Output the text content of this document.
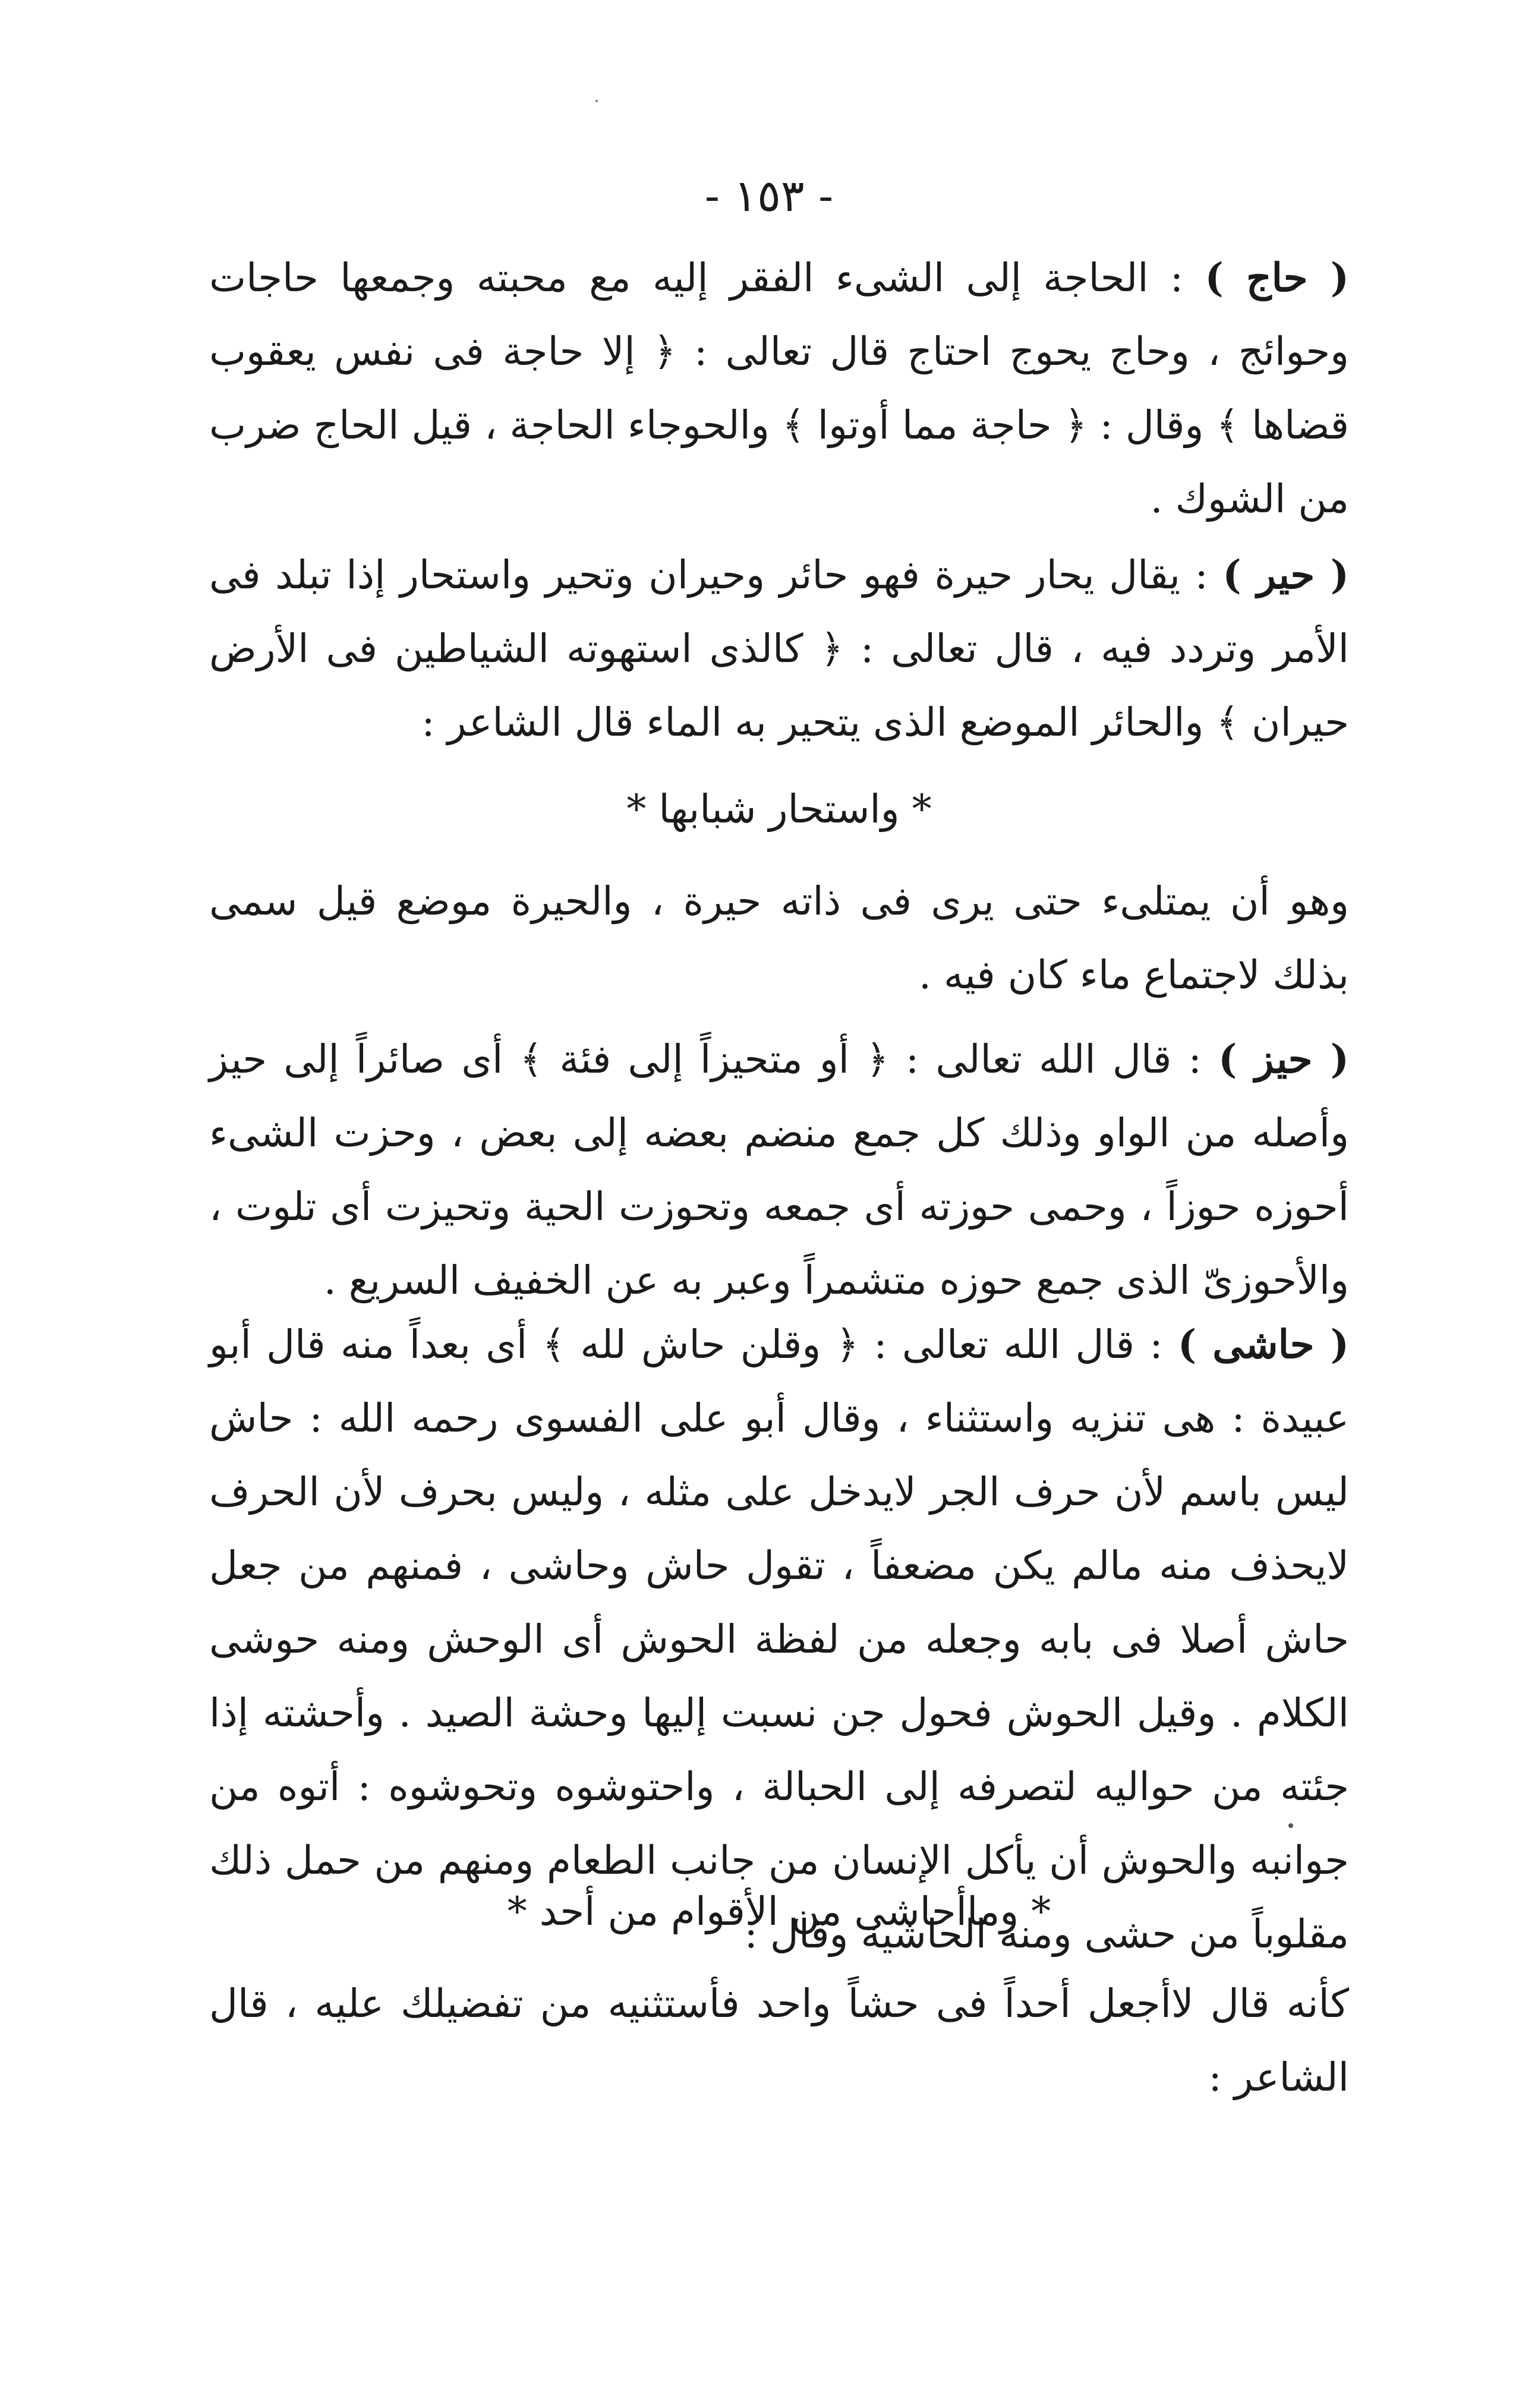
- ١٥٣ -

( حاج ) : الحاجة إلى الشىء الفقر إليه مع محبته وجمعها حاجات وحوائج ، وحاج يحوج احتاج قال تعالى : ﴿ إلا حاجة فى نفس يعقوب قضاها ﴾ وقال : ﴿ حاجة مما أوتوا ﴾ والحوجاء الحاجة ، قيل الحاج ضرب من الشوك .

( حير ) : يقال يحار حيرة فهو حائر وحيران وتحير واستحار إذا تبلد فى الأمر وتردد فيه ، قال تعالى : ﴿ كالذى استهوته الشياطين فى الأرض حيران ﴾ والحائر الموضع الذى يتحير به الماء قال الشاعر :

* واستحار شبابها *

وهو أن يمتلىء حتى يرى فى ذاته حيرة ، والحيرة موضع قيل سمى بذلك لاجتماع ماء كان فيه .

( حيز ) : قال الله تعالى : ﴿ أو متحيزاً إلى فئة ﴾ أى صائراً إلى حيز وأصله من الواو وذلك كل جمع منضم بعضه إلى بعض ، وحزت الشىء أحوزه حوزاً ، وحمى حوزته أى جمعه وتحوزت الحية وتحيزت أى تلوت ، والأحوزىّ الذى جمع حوزه متشمراً وعبر به عن الخفيف السريع .

( حاشى ) : قال الله تعالى : ﴿ وقلن حاش لله ﴾ أى بعداً منه قال أبو عبيدة : هى تنزيه واستثناء ، وقال أبو على الفسوى رحمه الله : حاش ليس باسم لأن حرف الجر لايدخل على مثله ، وليس بحرف لأن الحرف لايحذف منه مالم يكن مضعفاً ، تقول حاش وحاشى ، فمنهم من جعل حاش أصلا فى بابه وجعله من لفظة الحوش أى الوحش ومنه حوشى الكلام . وقيل الحوش فحول جن نسبت إليها وحشة الصيد . وأحشته إذا جئته من حواليه لتصرفه إلى الحبالة ، واحتوشوه وتحوشوه : أتوه من جوانبه والحوش أن يأكل الإنسان من جانب الطعام ومنهم من حمل ذلك مقلوباً من حشى ومنه الحاشية وقال :

* وماأحاشى من الأقوام من أحد *

كأنه قال لاأجعل أحداً فى حشاً واحد فأستثنيه من تفضيلك عليه ، قال الشاعر :
